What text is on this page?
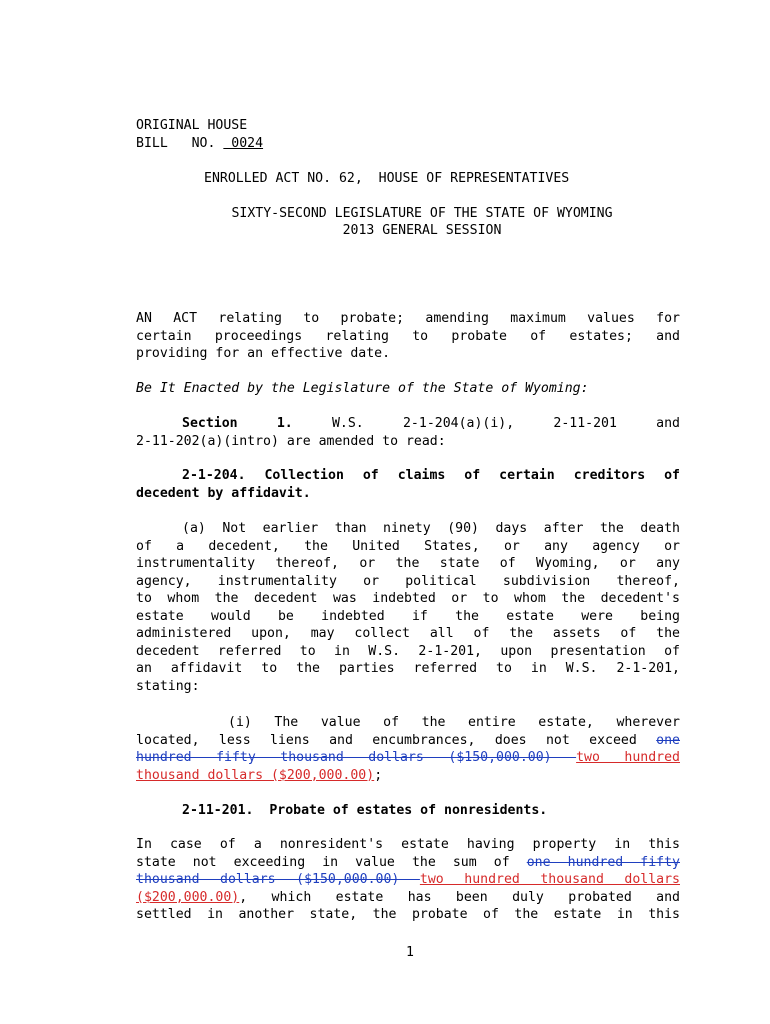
ORIGINAL HOUSE
BILL   NO.  0024
ENROLLED ACT NO. 62,  HOUSE OF REPRESENTATIVES
SIXTY-SECOND LEGISLATURE OF THE STATE OF WYOMING
2013 GENERAL SESSION
AN ACT relating to probate; amending maximum values for
certain proceedings relating to probate of estates; and
providing for an effective date.
Be It Enacted by the Legislature of the State of Wyoming:
Section 1.	W.S. 2-1-204(a)(i), 2-11-201 and
2-11-202(a)(intro) are amended to read:
2-1-204. Collection of claims of certain creditors of
decedent by affidavit.
(a) Not earlier than ninety (90) days after the death
of a decedent, the United States, or any agency or
instrumentality thereof, or the state of Wyoming, or any
agency, instrumentality or political subdivision thereof,
to whom the decedent was indebted or to whom the decedent's
estate would be indebted if the estate were being
administered upon, may collect all of the assets of the
decedent referred to in W.S. 2-1-201, upon presentation of
an affidavit to the parties referred to in W.S. 2-1-201,
stating:
(i) The value of the entire estate, wherever
located, less liens and encumbrances, does not exceed one
hundred fifty thousand dollars ($150,000.00) two hundred
thousand dollars ($200,000.00);
2-11-201.  Probate of estates of nonresidents.
In case of a nonresident's estate having property in this
state not exceeding in value the sum of one hundred fifty
thousand dollars ($150,000.00) two hundred thousand dollars
($200,000.00), which estate has been duly probated and
settled in another state, the probate of the estate in this
1
